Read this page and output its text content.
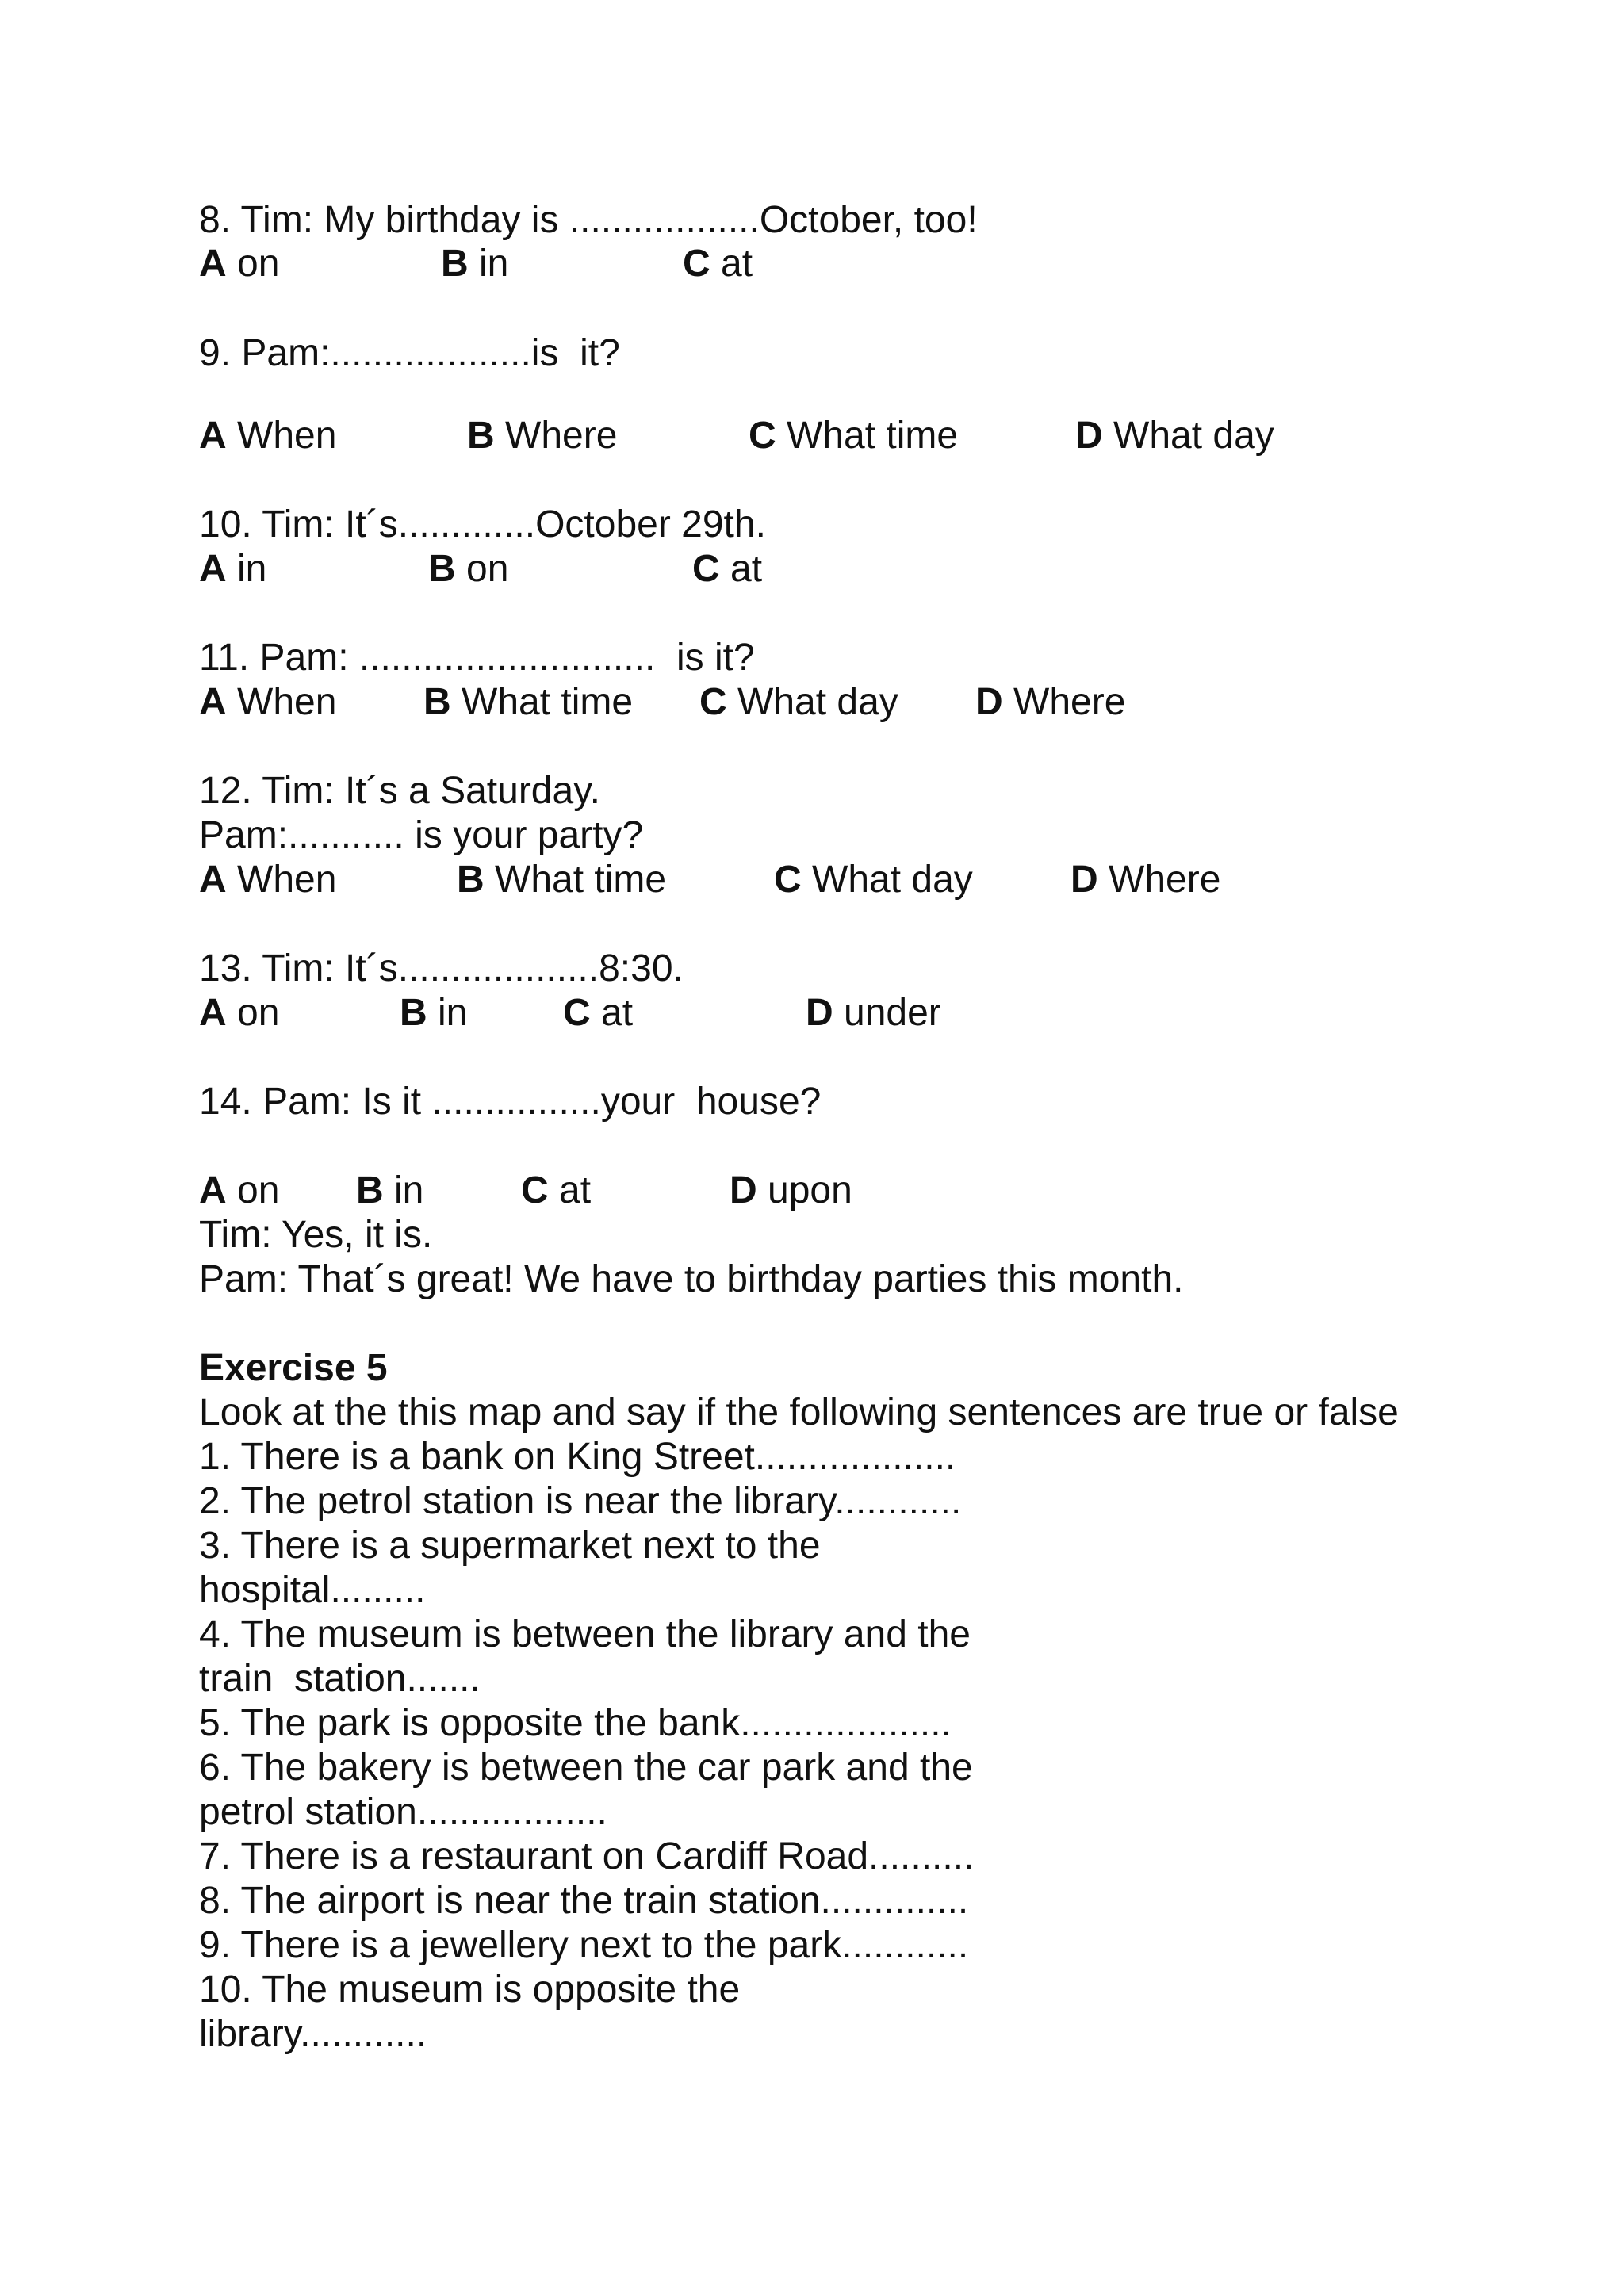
8. Tim: My birthday is ..................October, too!
A on	B in	C at
9. Pam:...................is  it?
A When	B Where	C What time	D What day
10. Tim: It´s.............October 29th.
A in	B on	C at
11. Pam: ............................  is it?
A When B What time C What day D Where
12. Tim: It´s a Saturday.
Pam:........... is your party?
A When	B What time	C What day	D Where
13. Tim: It´s...................8:30.
A on	B in	C at	D under
14. Pam: Is it ................your  house?
A on B in	C at	D upon
Tim: Yes, it is.
Pam: That´s great! We have to birthday parties this month.
Exercise 5
Look at the this map and say if the following sentences are true or false
1. There is a bank on King Street...................
2. The petrol station is near the library............
3. There is a supermarket next to the
hospital.........
4. The museum is between the library and the
train  station.......
5. The park is opposite the bank....................
6. The bakery is between the car park and the
petrol station..................
7. There is a restaurant on Cardiff Road..........
8. The airport is near the train station..............
9. There is a jewellery next to the park............
10. The museum is opposite the
library............
